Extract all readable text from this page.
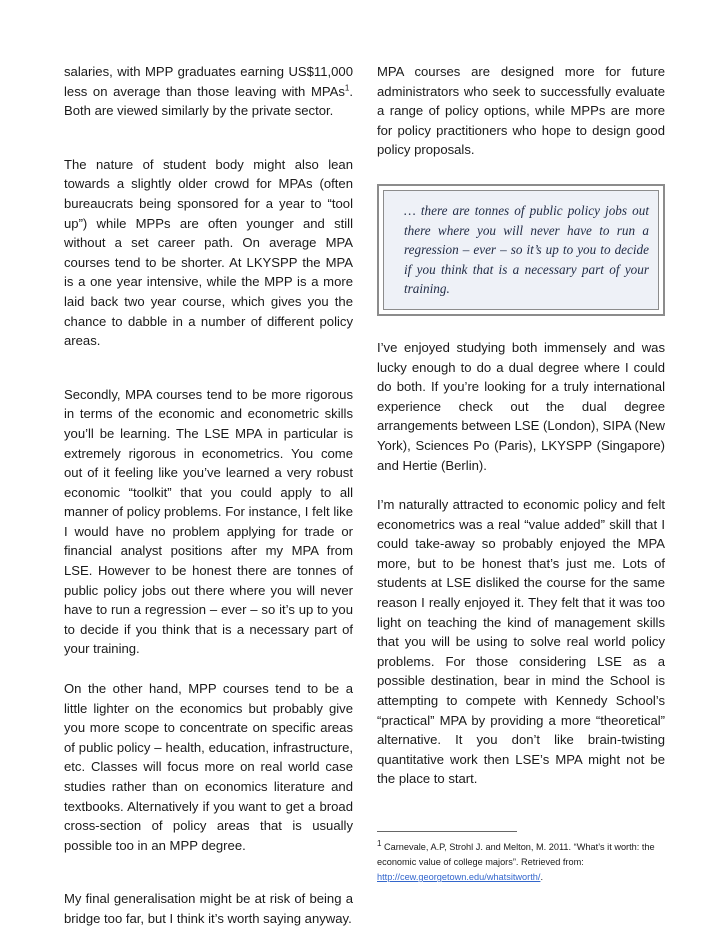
salaries, with MPP graduates earning US$11,000 less on average than those leaving with MPAs$^1$. Both are viewed similarly by the private sector.

The nature of student body might also lean towards a slightly older crowd for MPAs (often bureaucrats being sponsored for a year to “tool up”) while MPPs are often younger and still without a set career path. On average MPA courses tend to be shorter. At LKYSPP the MPA is a one year intensive, while the MPP is a more laid back two year course, which gives you the chance to dabble in a number of different policy areas.

Secondly, MPA courses tend to be more rigorous in terms of the economic and econometric skills you’ll be learning. The LSE MPA in particular is extremely rigorous in econometrics. You come out of it feeling like you’ve learned a very robust economic “toolkit” that you could apply to all manner of policy problems. For instance, I felt like I would have no problem applying for trade or financial analyst positions after my MPA from LSE. However to be honest there are tonnes of public policy jobs out there where you will never have to run a regression – ever – so it’s up to you to decide if you think that is a necessary part of your training.

On the other hand, MPP courses tend to be a little lighter on the economics but probably give you more scope to concentrate on specific areas of public policy – health, education, infrastructure, etc. Classes will focus more on real world case studies rather than on economics literature and textbooks. Alternatively if you want to get a broad cross-section of policy areas that is usually possible too in an MPP degree.

My final generalisation might be at risk of being a bridge too far, but I think it’s worth saying anyway.

MPA courses are designed more for future administrators who seek to successfully evaluate a range of policy options, while MPPs are more for policy practitioners who hope to design good policy proposals.

… there are tonnes of public policy jobs out there where you will never have to run a regression – ever – so it’s up to you to decide if you think that is a necessary part of your training.

I’ve enjoyed studying both immensely and was lucky enough to do a dual degree where I could do both. If you’re looking for a truly international experience check out the dual degree arrangements between LSE (London), SIPA (New York), Sciences Po (Paris), LKYSPP (Singapore) and Hertie (Berlin).

I’m naturally attracted to economic policy and felt econometrics was a real “value added” skill that I could take-away so probably enjoyed the MPA more, but to be honest that’s just me. Lots of students at LSE disliked the course for the same reason I really enjoyed it. They felt that it was too light on teaching the kind of management skills that you will be using to solve real world policy problems. For those considering LSE as a possible destination, bear in mind the School is attempting to compete with Kennedy School’s “practical” MPA by providing a more “theoretical” alternative. It you don’t like brain-twisting quantitative work then LSE’s MPA might not be the place to start.

$^1$ Carnevale, A.P, Strohl J. and Melton, M. 2011. “What’s it worth: the economic value of college majors”. Retrieved from: http://cew.georgetown.edu/whatsitworth/.
